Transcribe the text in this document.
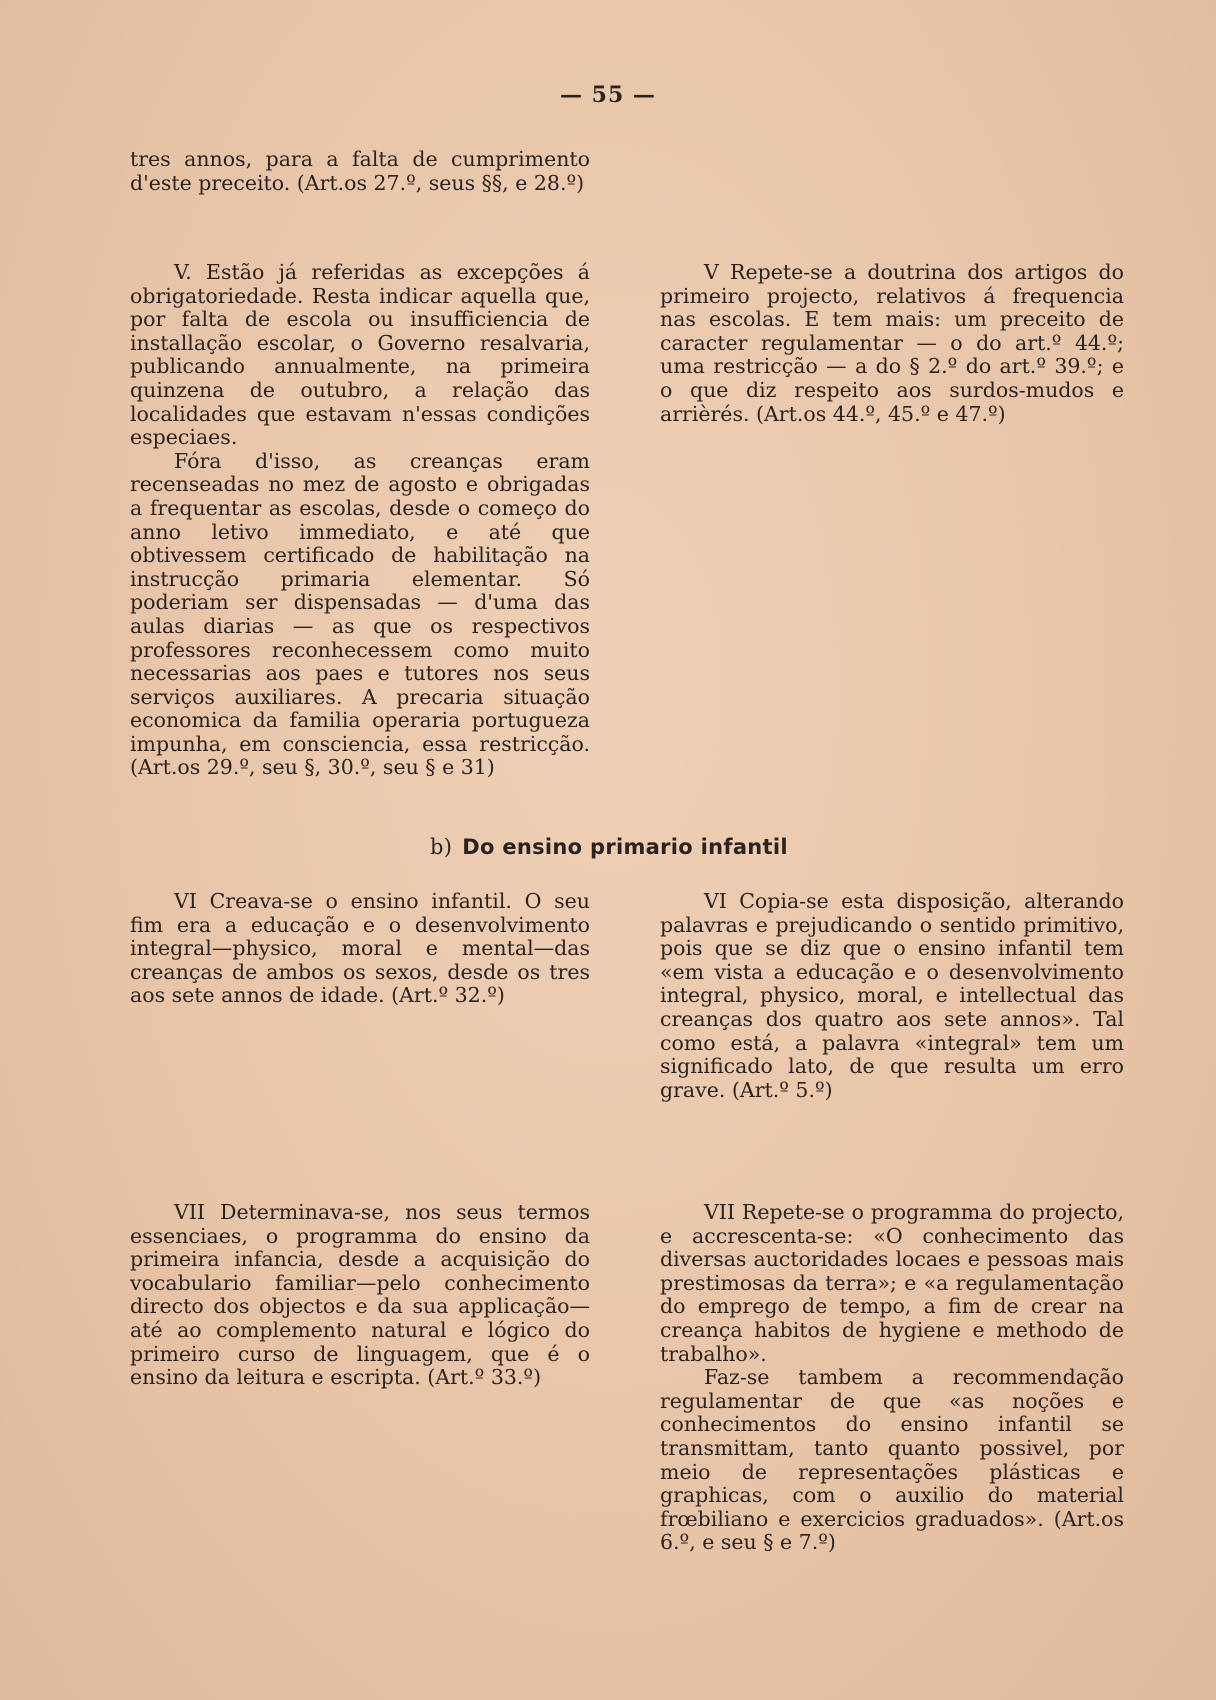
— 55 —

tres annos, para a falta de cumprimento d'este preceito. (Art.os 27.º, seus §§, e 28.º)

V. Estão já referidas as excepções á obrigatoriedade. Resta indicar aquella que, por falta de escola ou insufficiencia de installação escolar, o Governo resalvaria, publicando annualmente, na primeira quinzena de outubro, a relação das localidades que estavam n'essas condições especiaes.

Fóra d'isso, as creanças eram recenseadas no mez de agosto e obrigadas a frequentar as escolas, desde o começo do anno letivo immediato, e até que obtivessem certificado de habilitação na instrucção primaria elementar. Só poderiam ser dispensadas — d'uma das aulas diarias — as que os respectivos professores reconhecessem como muito necessarias aos paes e tutores nos seus serviços auxiliares. A precaria situação economica da familia operaria portugueza impunha, em consciencia, essa restricção. (Art.os 29.º, seu §, 30.º, seu § e 31)

V Repete-se a doutrina dos artigos do primeiro projecto, relativos á frequencia nas escolas. E tem mais: um preceito de caracter regulamentar — o do art.º 44.º; uma restricção — a do § 2.º do art.º 39.º; e o que diz respeito aos surdos-mudos e arrièrés. (Art.os 44.º, 45.º e 47.º)

b) Do ensino primario infantil

VI Creava-se o ensino infantil. O seu fim era a educação e o desenvolvimento integral—physico, moral e mental—das creanças de ambos os sexos, desde os tres aos sete annos de idade. (Art.º 32.º)

VI Copia-se esta disposição, alterando palavras e prejudicando o sentido primitivo, pois que se diz que o ensino infantil tem «em vista a educação e o desenvolvimento integral, physico, moral, e intellectual das creanças dos quatro aos sete annos». Tal como está, a palavra «integral» tem um significado lato, de que resulta um erro grave. (Art.º 5.º)

VII Determinava-se, nos seus termos essenciaes, o programma do ensino da primeira infancia, desde a acquisição do vocabulario familiar—pelo conhecimento directo dos objectos e da sua applicação—até ao complemento natural e lógico do primeiro curso de linguagem, que é o ensino da leitura e escripta. (Art.º 33.º)

VII Repete-se o programma do projecto, e accrescenta-se: «O conhecimento das diversas auctoridades locaes e pessoas mais prestimosas da terra»; e «a regulamentação do emprego de tempo, a fim de crear na creança habitos de hygiene e methodo de trabalho».

Faz-se tambem a recommendação regulamentar de que «as noções e conhecimentos do ensino infantil se transmittam, tanto quanto possivel, por meio de representações plásticas e graphicas, com o auxilio do material frœbiliano e exercicios graduados». (Art.os 6.º, e seu § e 7.º)
